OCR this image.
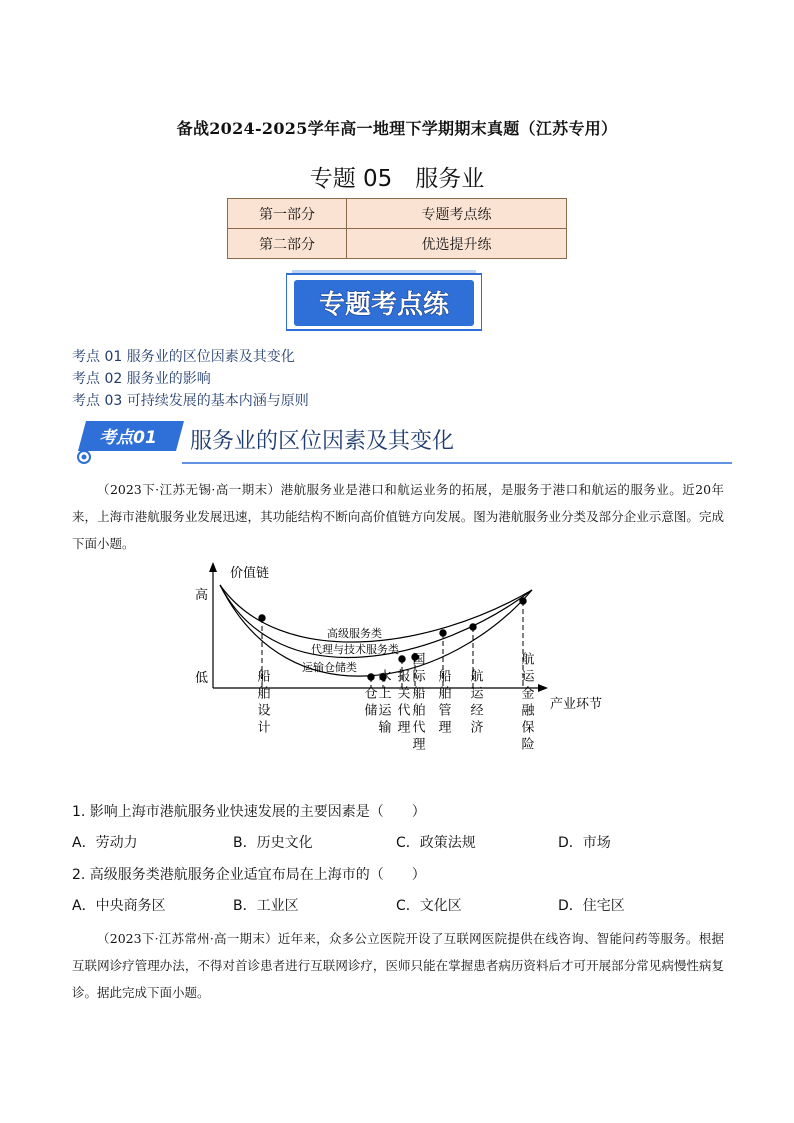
备战2024-2025学年高一地理下学期期末真题（江苏专用）
专题 05　服务业
第一部分	专题考点练
第二部分	优选提升练
专题考点练
考点 01 服务业的区位因素及其变化
考点 02 服务业的影响
考点 03 可持续发展的基本内涵与原则
考点01 服务业的区位因素及其变化
（2023下·江苏无锡·高一期末）港航服务业是港口和航运业务的拓展，是服务于港口和航运的服务业。近20年来，上海市港航服务业发展迅速，其功能结构不断向高价值链方向发展。图为港航服务业分类及部分企业示意图。完成下面小题。
价值链
高
低
产业环节
高级服务类
代理与技术服务类
运输仓储类
船舶设计	仓储 水上运输 报关代理 国际船舶代理 船舶管理 航运经济	航运金融保险
1. 影响上海市港航服务业快速发展的主要因素是（　　）
A．劳动力	B．历史文化	C．政策法规	D．市场
2. 高级服务类港航服务企业适宜布局在上海市的（　　）
A．中央商务区	B．工业区	C．文化区	D．住宅区
（2023下·江苏常州·高一期末）近年来，众多公立医院开设了互联网医院提供在线咨询、智能问药等服务。根据互联网诊疗管理办法，不得对首诊患者进行互联网诊疗，医师只能在掌握患者病历资料后才可开展部分常见病慢性病复诊。据此完成下面小题。
